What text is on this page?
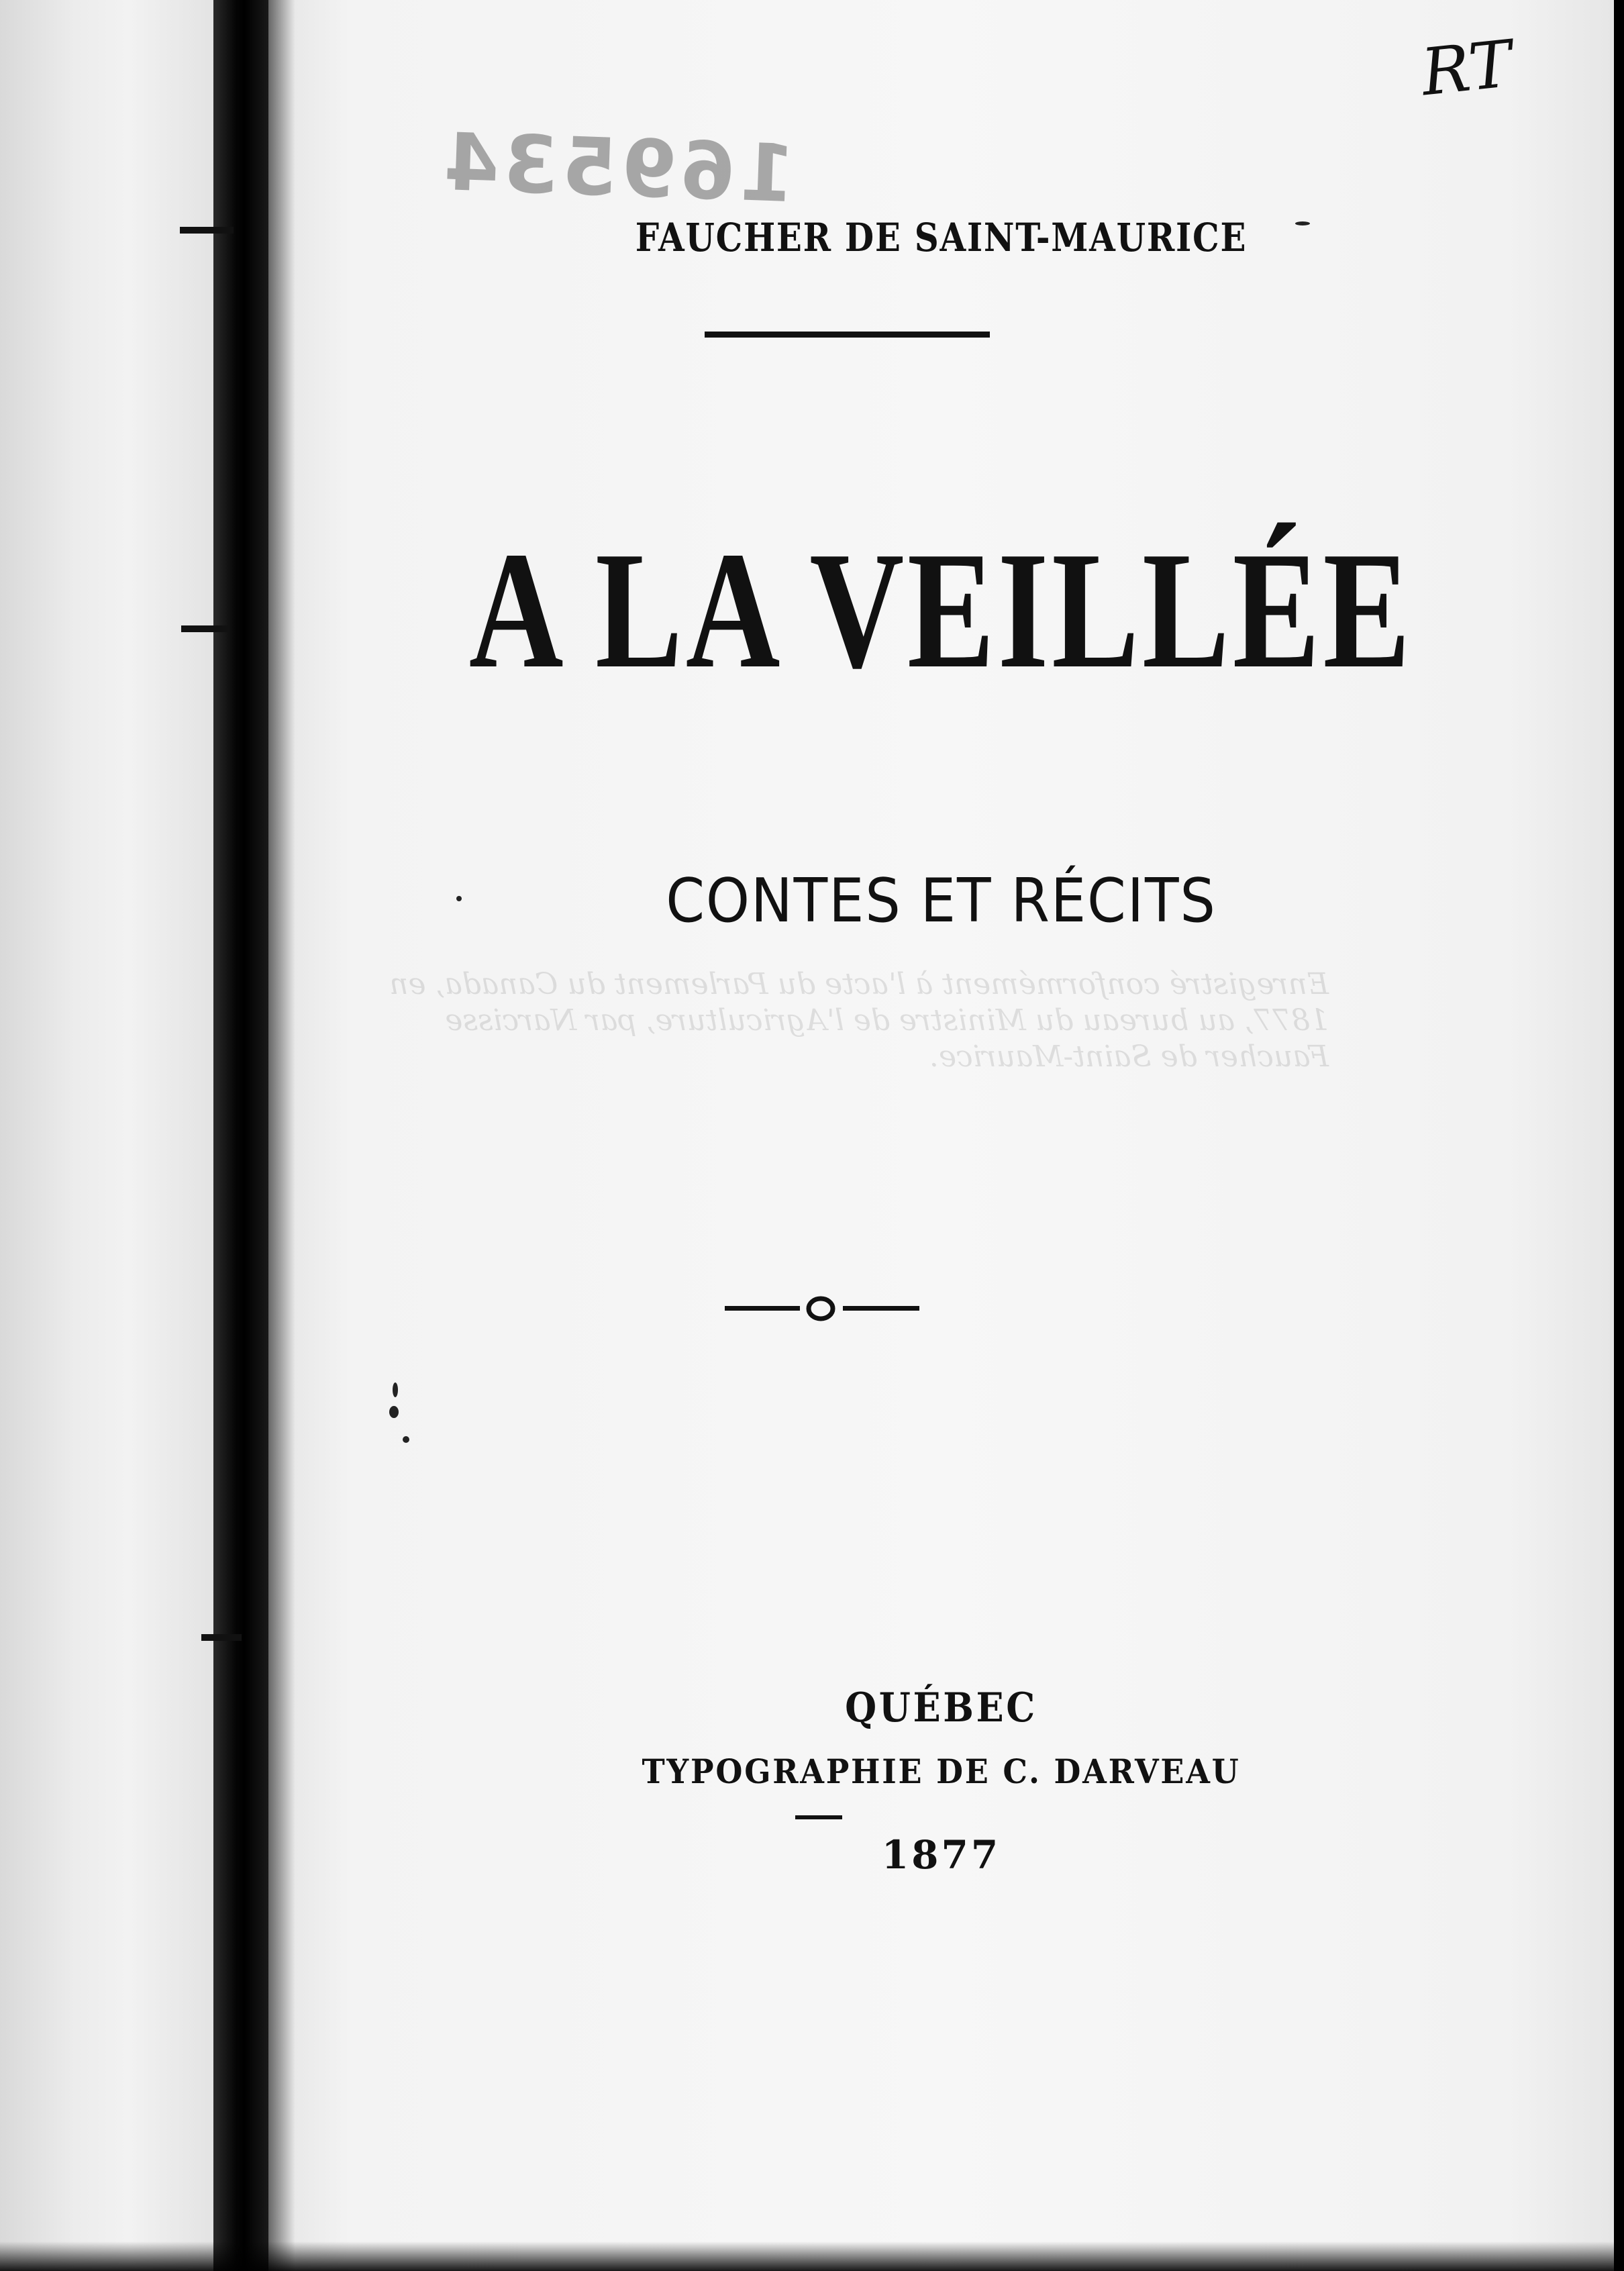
Enregistré conformément à l'acte du Parlement du Canada, en 1877, au bureau du Ministre de l'Agriculture, par Narcisse Faucher de Saint-Maurice.
169534
RT

FAUCHER DE SAINT-MAURICE

A LA VEILLÉE

CONTES ET RÉCITS

QUÉBEC

TYPOGRAPHIE DE C. DARVEAU

1877
